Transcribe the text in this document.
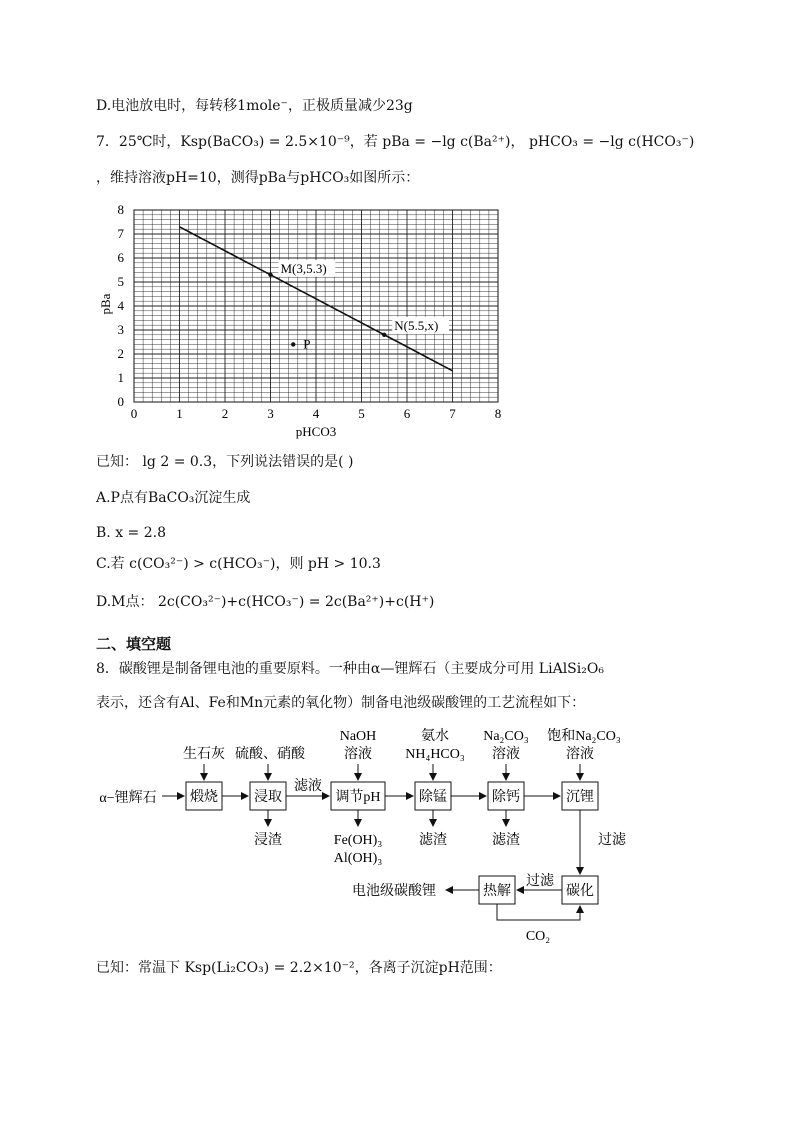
D.电池放电时，每转移1mole⁻，正极质量减少23g
7．25℃时，Ksp(BaCO₃) = 2.5×10⁻⁹，若 pBa = −lg c(Ba²⁺)， pHCO₃ = −lg c(HCO₃⁻)
，维持溶液pH=10，测得pBa与pHCO₃如图所示：
0	1	2	3	4	5	6	7	8
0
1
2
3
4
5
6
7
8
M(3,5.3)
N(5.5,x)
P
pHCO3
pBa
已知： lg 2 = 0.3，下列说法错误的是( )
A.P点有BaCO₃沉淀生成
B. x = 2.8
C.若 c(CO₃²⁻) > c(HCO₃⁻)，则 pH > 10.3
D.M点： 2c(CO₃²⁻)+c(HCO₃⁻) = 2c(Ba²⁺)+c(H⁺)
二、填空题
8．碳酸锂是制备锂电池的重要原料。一种由α—锂辉石（主要成分可用 LiAlSi₂O₆
表示，还含有Al、Fe和Mn元素的氧化物）制备电池级碳酸锂的工艺流程如下：
α−锂辉石 煅烧	浸取
滤液
调节pH	除锰	除钙	沉锂
生石灰 硫酸、硝酸
NaOH
溶液
氨水
NH₄HCO₃
Na₂CO₃
溶液
饱和Na₂CO₃
溶液
浸渣	Fe(OH)₃
Al(OH)₃
滤渣	滤渣	过滤
碳化
过滤
热解
电池级碳酸锂
CO₂
已知：常温下 Ksp(Li₂CO₃) = 2.2×10⁻²，各离子沉淀pH范围：
